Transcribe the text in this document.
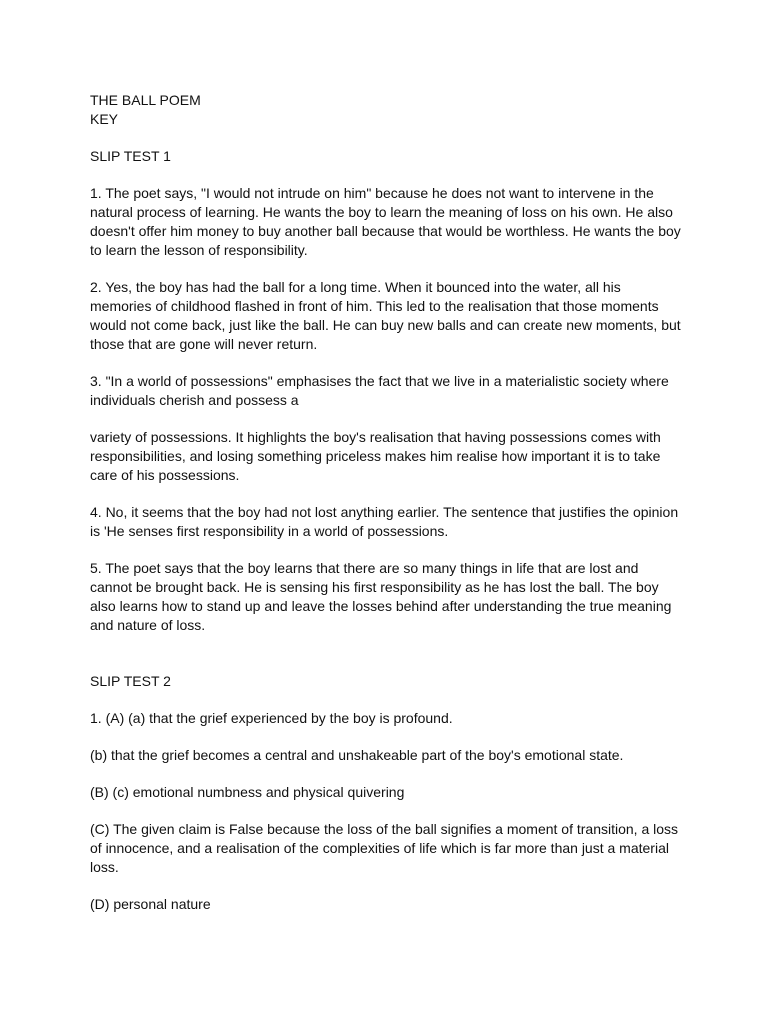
THE BALL POEM
KEY
SLIP TEST 1

1. The poet says, "I would not intrude on him" because he does not want to intervene in the natural process of learning. He wants the boy to learn the meaning of loss on his own. He also doesn't offer him money to buy another ball because that would be worthless. He wants the boy to learn the lesson of responsibility.

2. Yes, the boy has had the ball for a long time. When it bounced into the water, all his memories of childhood flashed in front of him. This led to the realisation that those moments would not come back, just like the ball. He can buy new balls and can create new moments, but those that are gone will never return.

3. "In a world of possessions" emphasises the fact that we live in a materialistic society where individuals cherish and possess a

variety of possessions. It highlights the boy's realisation that having possessions comes with responsibilities, and losing something priceless makes him realise how important it is to take care of his possessions.

4. No, it seems that the boy had not lost anything earlier. The sentence that justifies the opinion is 'He senses first responsibility in a world of possessions.

5. The poet says that the boy learns that there are so many things in life that are lost and cannot be brought back. He is sensing his first responsibility as he has lost the ball. The boy also learns how to stand up and leave the losses behind after understanding the true meaning and nature of loss.

SLIP TEST 2

1. (A) (a) that the grief experienced by the boy is profound.

(b) that the grief becomes a central and unshakeable part of the boy's emotional state.

(B) (c) emotional numbness and physical quivering

(C) The given claim is False because the loss of the ball signifies a moment of transition, a loss of innocence, and a realisation of the complexities of life which is far more than just a material loss.

(D) personal nature
